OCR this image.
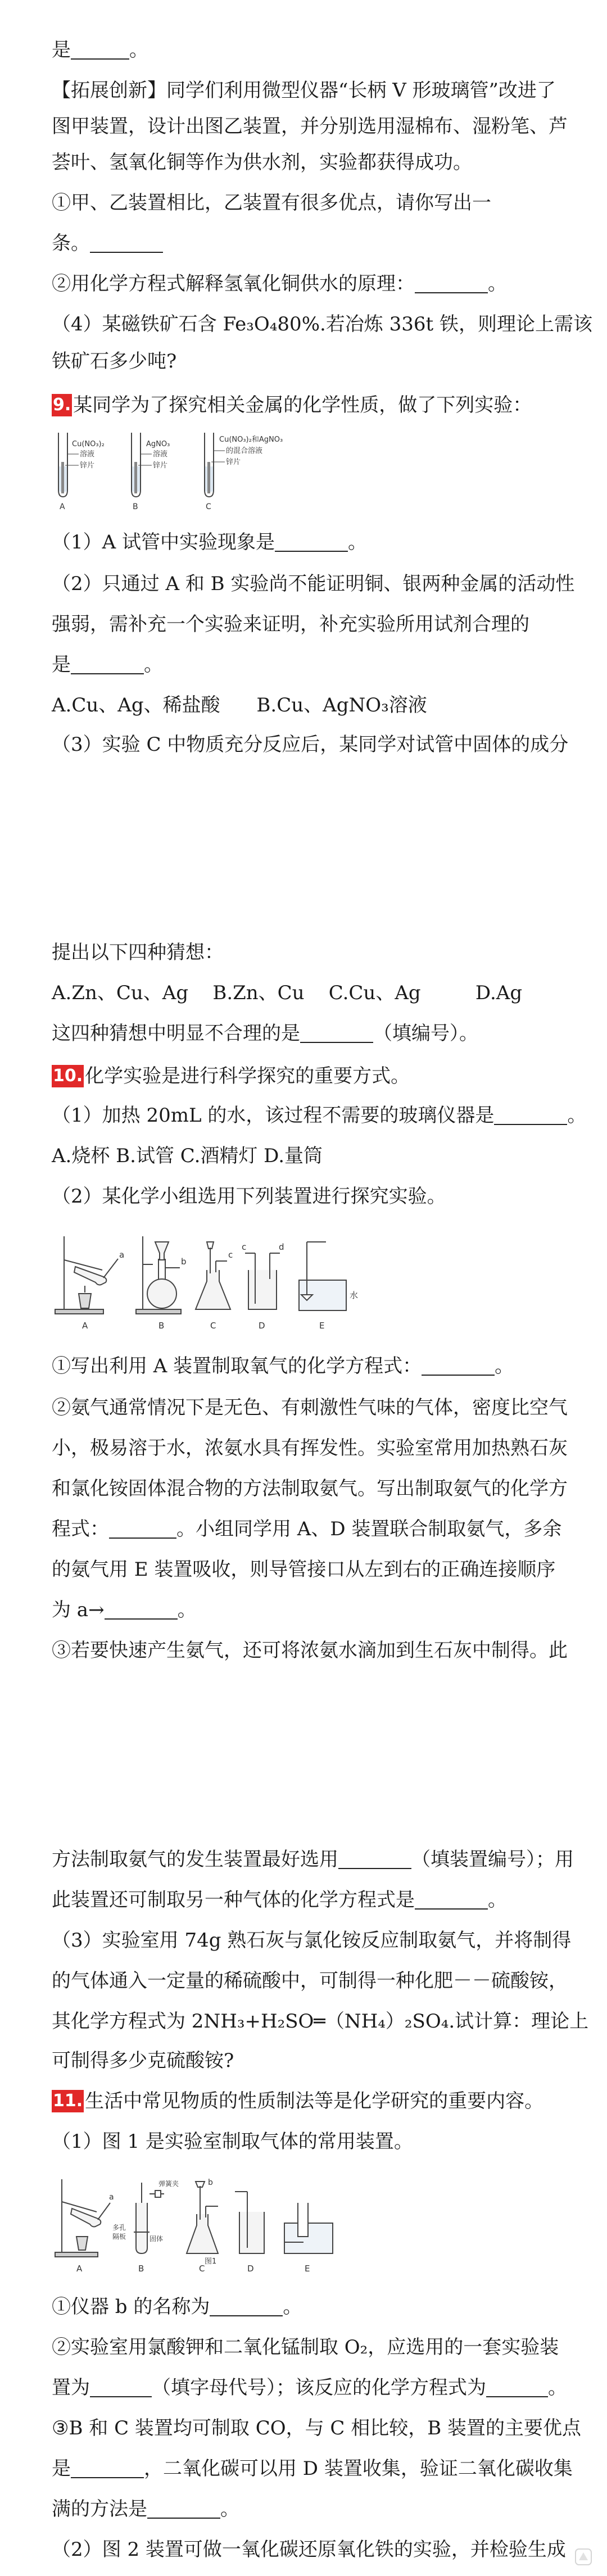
是	。
【拓展创新】同学们利用微型仪器“长柄 V 形玻璃管”改进了
图甲装置，设计出图乙装置，并分别选用湿棉布、湿粉笔、芦
荟叶、氢氧化铜等作为供水剂，实验都获得成功。
①甲、乙装置相比，乙装置有很多优点，请你写出一
条。
②用化学方程式解释氢氧化铜供水的原理：	。
（4）某磁铁矿石含 Fe₃O₄80%.若冶炼 336t 铁，则理论上需该
铁矿石多少吨?
9. 某同学为了探究相关金属的化学性质，做了下列实验：
Cu(NO₃)₂
溶液
锌片
A
AgNO₃
溶液
锌片
B
Cu(NO₃)₂和AgNO₃
的混合溶液
锌片
C
（1）A 试管中实验现象是	。
（2）只通过 A 和 B 实验尚不能证明铜、银两种金属的活动性
强弱，需补充一个实验来证明，补充实验所用试剂合理的
是	。
A.Cu、Ag、稀盐酸      B.Cu、AgNO₃溶液
（3）实验 C 中物质充分反应后，某同学对试管中固体的成分
提出以下四种猜想：
A.Zn、Cu、Ag    B.Zn、Cu    C.Cu、Ag         D.Ag
这四种猜想中明显不合理的是	（填编号）。
10. 化学实验是进行科学探究的重要方式。
（1）加热 20mL 的水，该过程不需要的玻璃仪器是	。
A.烧杯 B.试管 C.酒精灯 D.量筒
（2）某化学小组选用下列装置进行探究实验。
A
a
B
b
C
c
D
c	d
水
E
①写出利用 A 装置制取氧气的化学方程式：	。
②氨气通常情况下是无色、有刺激性气味的气体，密度比空气
小，极易溶于水，浓氨水具有挥发性。实验室常用加热熟石灰
和氯化铵固体混合物的方法制取氨气。写出制取氨气的化学方
程式：	。小组同学用 A、D 装置联合制取氨气，多余
的氨气用 E 装置吸收，则导管接口从左到右的正确连接顺序
为 a→	。
③若要快速产生氨气，还可将浓氨水滴加到生石灰中制得。此
方法制取氨气的发生装置最好选用	（填装置编号）；用
此装置还可制取另一种气体的化学方程式是	。
（3）实验室用 74g 熟石灰与氯化铵反应制取氨气，并将制得
的气体通入一定量的稀硫酸中，可制得一种化肥－－硫酸铵，
其化学方程式为 2NH₃+H₂SO═（NH₄）₂SO₄.试计算：理论上
可制得多少克硫酸铵?
11. 生活中常见物质的性质制法等是化学研究的重要内容。
（1）图 1 是实验室制取气体的常用装置。
A
a
弹簧夹
多孔
隔板	固体
B
b
C	D	E
图1
①仪器 b 的名称为	。
②实验室用氯酸钾和二氧化锰制取 O₂，应选用的一套实验装
置为	（填字母代号）；该反应的化学方程式为	。
③B 和 C 装置均可制取 CO，与 C 相比较，B 装置的主要优点
是	，二氧化碳可以用 D 装置收集，验证二氧化碳收集
满的方法是	。
（2）图 2 装置可做一氧化碳还原氧化铁的实验，并检验生成
